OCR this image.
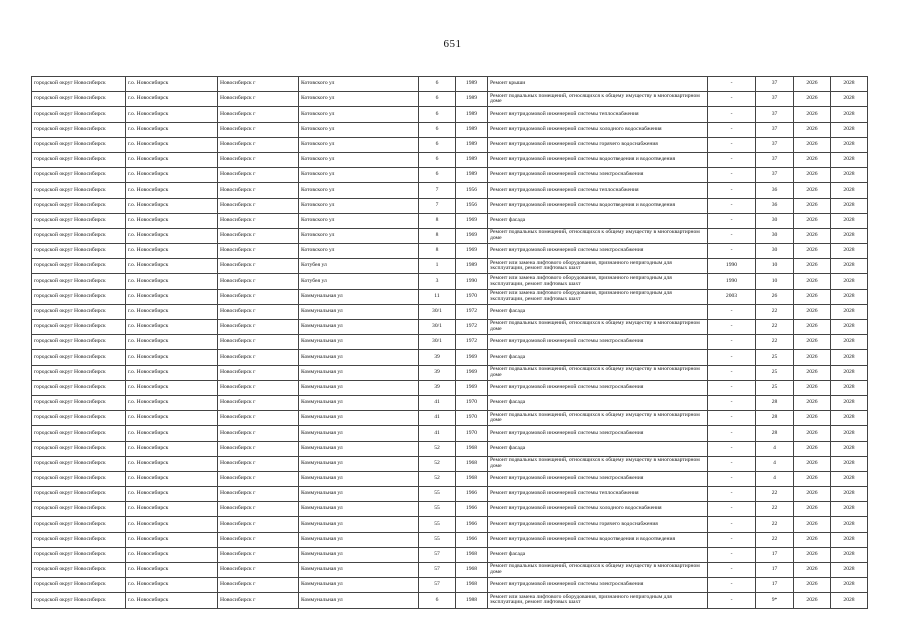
651
городской округ Новосибирск	г.о. Новосибирск	Новосибирск г	Котовского ул	6	1989	Ремонт крыши	-	37	2026	2028
городской округ Новосибирск	г.о. Новосибирск	Новосибирск г	Котовского ул	6	1989	Ремонт подвальных помещений, относящихся к общему имуществу в многоквартирном доме	-	37	2026	2028
городской округ Новосибирск	г.о. Новосибирск	Новосибирск г	Котовского ул	6	1989	Ремонт внутридомовой инженерной системы теплоснабжения	-	37	2026	2028
городской округ Новосибирск	г.о. Новосибирск	Новосибирск г	Котовского ул	6	1989	Ремонт внутридомовой инженерной системы холодного водоснабжения	-	37	2026	2028
городской округ Новосибирск	г.о. Новосибирск	Новосибирск г	Котовского ул	6	1989	Ремонт внутридомовой инженерной системы горячего водоснабжения	-	37	2026	2028
городской округ Новосибирск	г.о. Новосибирск	Новосибирск г	Котовского ул	6	1989	Ремонт внутридомовой инженерной системы водоотведения и водоотведения	-	37	2026	2028
городской округ Новосибирск	г.о. Новосибирск	Новосибирск г	Котовского ул	6	1989	Ремонт внутридомовой инженерной системы электроснабжения	-	37	2026	2028
городской округ Новосибирск	г.о. Новосибирск	Новосибирск г	Котовского ул	7	1956	Ремонт внутридомовой инженерной системы теплоснабжения	-	36	2026	2028
городской округ Новосибирск	г.о. Новосибирск	Новосибирск г	Котовского ул	7	1956	Ремонт внутридомовой инженерной системы водоотведения и водоотведения	-	36	2026	2028
городской округ Новосибирск	г.о. Новосибирск	Новосибирск г	Котовского ул	8	1969	Ремонт фасада	-	30	2026	2028
городской округ Новосибирск	г.о. Новосибирск	Новосибирск г	Котовского ул	8	1969	Ремонт подвальных помещений, относящихся к общему имуществу в многоквартирном доме	-	30	2026	2028
городской округ Новосибирск	г.о. Новосибирск	Новосибирск г	Котовского ул	8	1969	Ремонт внутридомовой инженерной системы электроснабжения	-	30	2026	2028
городской округ Новосибирск	г.о. Новосибирск	Новосибирск г	Котубея ул	1	1989	Ремонт или замена лифтового оборудования, признанного непригодным для эксплуатации, ремонт лифтовых шахт	1990	10	2026	2028
городской округ Новосибирск	г.о. Новосибирск	Новосибирск г	Котубея ул	3	1990	Ремонт или замена лифтового оборудования, признанного непригодным для эксплуатации, ремонт лифтовых шахт	1990	10	2026	2028
городской округ Новосибирск	г.о. Новосибирск	Новосибирск г	Коммунальная ул	11	1970	Ремонт или замена лифтового оборудования, признанного непригодным для эксплуатации, ремонт лифтовых шахт	2003	26	2026	2028
городской округ Новосибирск	г.о. Новосибирск	Новосибирск г	Коммунальная ул	30/1	1972	Ремонт фасада	-	22	2026	2028
городской округ Новосибирск	г.о. Новосибирск	Новосибирск г	Коммунальная ул	30/1	1972	Ремонт подвальных помещений, относящихся к общему имуществу в многоквартирном доме	-	22	2026	2028
городской округ Новосибирск	г.о. Новосибирск	Новосибирск г	Коммунальная ул	30/1	1972	Ремонт внутридомовой инженерной системы электроснабжения	-	22	2026	2028
городской округ Новосибирск	г.о. Новосибирск	Новосибирск г	Коммунальная ул	39	1969	Ремонт фасада	-	25	2026	2028
городской округ Новосибирск	г.о. Новосибирск	Новосибирск г	Коммунальная ул	39	1969	Ремонт подвальных помещений, относящихся к общему имуществу в многоквартирном доме	-	25	2026	2028
городской округ Новосибирск	г.о. Новосибирск	Новосибирск г	Коммунальная ул	39	1969	Ремонт внутридомовой инженерной системы электроснабжения	-	25	2026	2028
городской округ Новосибирск	г.о. Новосибирск	Новосибирск г	Коммунальная ул	41	1970	Ремонт фасада	-	28	2026	2028
городской округ Новосибирск	г.о. Новосибирск	Новосибирск г	Коммунальная ул	41	1970	Ремонт подвальных помещений, относящихся к общему имуществу в многоквартирном доме	-	28	2026	2028
городской округ Новосибирск	г.о. Новосибирск	Новосибирск г	Коммунальная ул	41	1970	Ремонт внутридомовой инженерной системы электроснабжения	-	28	2026	2028
городской округ Новосибирск	г.о. Новосибирск	Новосибирск г	Коммунальная ул	52	1968	Ремонт фасада	-	4	2026	2028
городской округ Новосибирск	г.о. Новосибирск	Новосибирск г	Коммунальная ул	52	1968	Ремонт подвальных помещений, относящихся к общему имуществу в многоквартирном доме	-	4	2026	2028
городской округ Новосибирск	г.о. Новосибирск	Новосибирск г	Коммунальная ул	52	1968	Ремонт внутридомовой инженерной системы электроснабжения	-	4	2026	2028
городской округ Новосибирск	г.о. Новосибирск	Новосибирск г	Коммунальная ул	55	1966	Ремонт внутридомовой инженерной системы теплоснабжения	-	22	2026	2028
городской округ Новосибирск	г.о. Новосибирск	Новосибирск г	Коммунальная ул	55	1966	Ремонт внутридомовой инженерной системы холодного водоснабжения	-	22	2026	2028
городской округ Новосибирск	г.о. Новосибирск	Новосибирск г	Коммунальная ул	55	1966	Ремонт внутридомовой инженерной системы горячего водоснабжения	-	22	2026	2028
городской округ Новосибирск	г.о. Новосибирск	Новосибирск г	Коммунальная ул	55	1966	Ремонт внутридомовой инженерной системы водоотведения и водоотведения	-	22	2026	2028
городской округ Новосибирск	г.о. Новосибирск	Новосибирск г	Коммунальная ул	57	1968	Ремонт фасада	-	17	2026	2028
городской округ Новосибирск	г.о. Новосибирск	Новосибирск г	Коммунальная ул	57	1968	Ремонт подвальных помещений, относящихся к общему имуществу в многоквартирном доме	-	17	2026	2028
городской округ Новосибирск	г.о. Новосибирск	Новосибирск г	Коммунальная ул	57	1968	Ремонт внутридомовой инженерной системы электроснабжения	-	17	2026	2028
городской округ Новосибирск	г.о. Новосибирск	Новосибирск г	Коммунальная ул	6	1988	Ремонт или замена лифтового оборудования, признанного непригодным для эксплуатации, ремонт лифтовых шахт	-	9*	2026	2028
